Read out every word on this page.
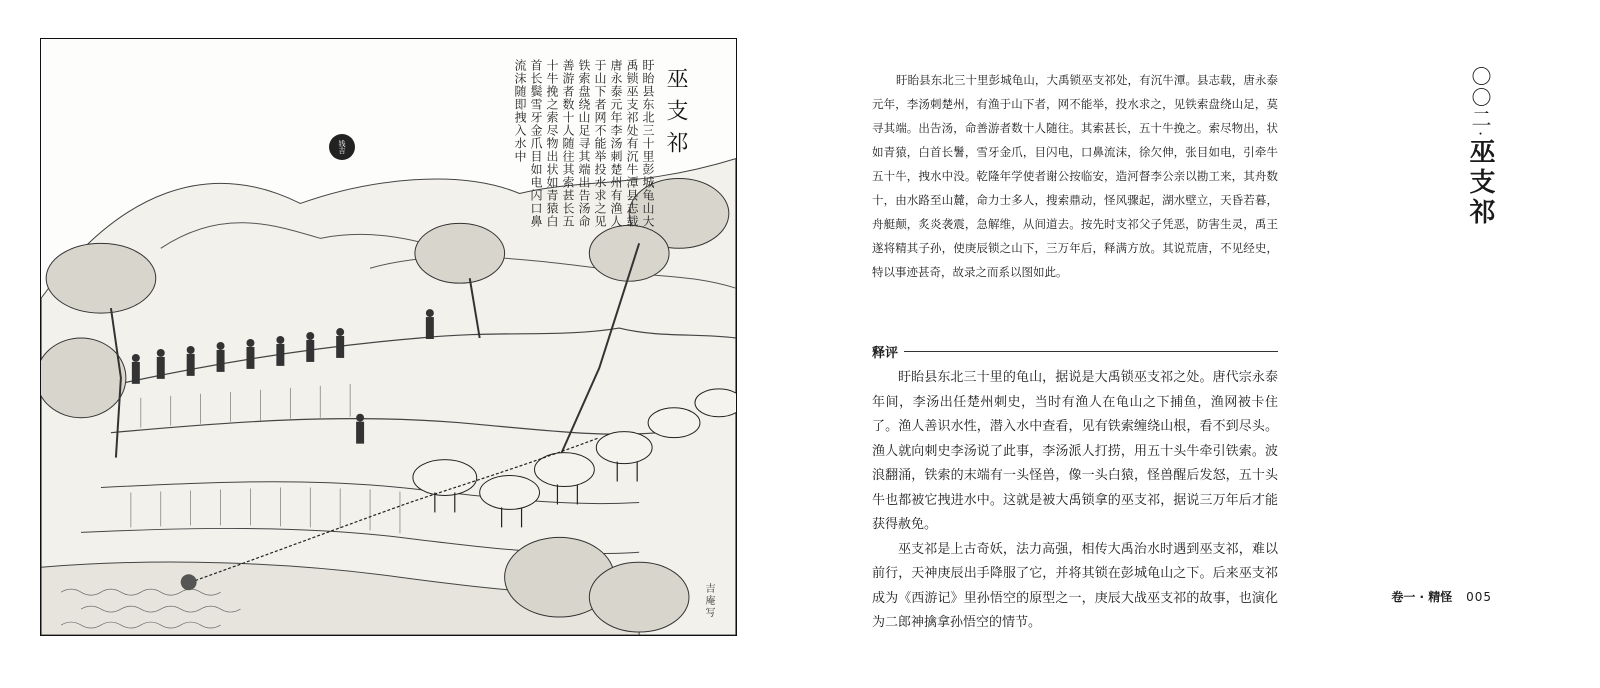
巫支祁
盱眙县东北三十里彭城龟山大禹锁巫支祁处有沉牛潭县志载唐永泰元年李汤刺楚州有渔人于山下者网不能举投水求之见铁索盘绕山足寻其端出告汤命善游者数十人随往其索甚长五十牛挽之索尽物出状如青猿白首长鬓雪牙金爪目如电闪口鼻流沫随即拽入水中
钱吉
吉庵写

盱眙县东北三十里彭城龟山，大禹锁巫支祁处，有沉牛潭。县志载，唐永泰元年，李汤刺楚州，有渔于山下者，网不能举，投水求之，见铁索盘绕山足，莫寻其端。出告汤，命善游者数十人随往。其索甚长，五十牛挽之。索尽物出，状如青猿，白首长鬐，雪牙金爪，目闪电，口鼻流沫，徐欠伸，张目如电，引牵牛五十牛，拽水中没。乾隆年学使者谢公按临安，造河督李公亲以勘工来，其舟数十，由水路至山麓，命力士多人，搜索鼎动，怪风骤起，湖水壁立，天昏若暮，舟艇颠，炙炎袭震，急解维，从间道去。按先时支祁父子凭恶，防害生灵，禹王遂将精其子孙，使庚辰锁之山下，三万年后，释满方放。其说荒唐，不见经史，特以事迹甚奇，故录之而系以图如此。

释评

盱眙县东北三十里的龟山，据说是大禹锁巫支祁之处。唐代宗永泰年间，李汤出任楚州刺史，当时有渔人在龟山之下捕鱼，渔网被卡住了。渔人善识水性，潜入水中查看，见有铁索缠绕山根，看不到尽头。渔人就向刺史李汤说了此事，李汤派人打捞，用五十头牛牵引铁索。波浪翻涌，铁索的末端有一头怪兽，像一头白猿，怪兽醒后发怒，五十头牛也都被它拽进水中。这就是被大禹锁拿的巫支祁，据说三万年后才能获得赦免。

巫支祁是上古奇妖，法力高强，相传大禹治水时遇到巫支祁，难以前行，天神庚辰出手降服了它，并将其锁在彭城龟山之下。后来巫支祁成为《西游记》里孙悟空的原型之一，庚辰大战巫支祁的故事，也演化为二郎神擒拿孙悟空的情节。

〇〇二
·
巫支祁
卷一 · 精怪 005
